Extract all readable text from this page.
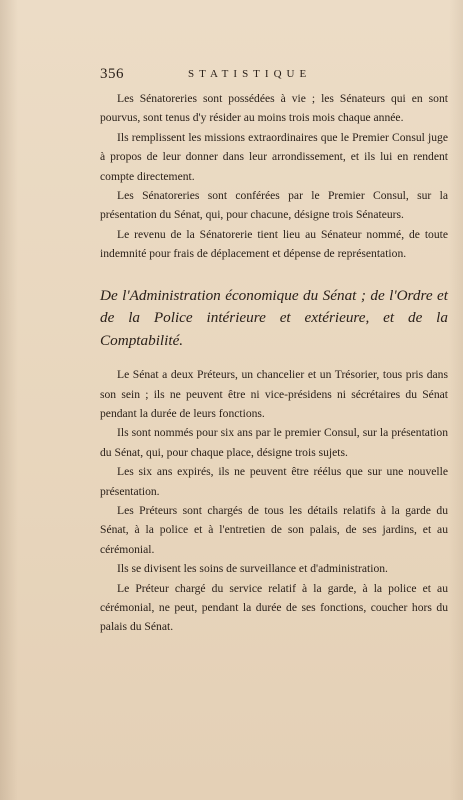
356	STATISTIQUE

Les Sénatoreries sont possédées à vie ; les Sénateurs qui en sont pourvus, sont tenus d'y résider au moins trois mois chaque année.

Ils remplissent les missions extraordinaires que le Premier Consul juge à propos de leur donner dans leur arrondissement, et ils lui en rendent compte directement.

Les Sénatoreries sont conférées par le Premier Consul, sur la présentation du Sénat, qui, pour chacune, désigne trois Sénateurs.

Le revenu de la Sénatorerie tient lieu au Sénateur nommé, de toute indemnité pour frais de déplacement et dépense de représentation.

De l'Administration économique du Sénat ; de l'Ordre et de la Police intérieure et extérieure, et de la Comptabilité.

Le Sénat a deux Préteurs, un chancelier et un Trésorier, tous pris dans son sein ; ils ne peuvent être ni vice-présidens ni sécrétaires du Sénat pendant la durée de leurs fonctions.

Ils sont nommés pour six ans par le premier Consul, sur la présentation du Sénat, qui, pour chaque place, désigne trois sujets.

Les six ans expirés, ils ne peuvent être réélus que sur une nouvelle présentation.

Les Préteurs sont chargés de tous les détails relatifs à la garde du Sénat, à la police et à l'entretien de son palais, de ses jardins, et au cérémonial.

Ils se divisent les soins de surveillance et d'administration.

Le Préteur chargé du service relatif à la garde, à la police et au cérémonial, ne peut, pendant la durée de ses fonctions, coucher hors du palais du Sénat.
